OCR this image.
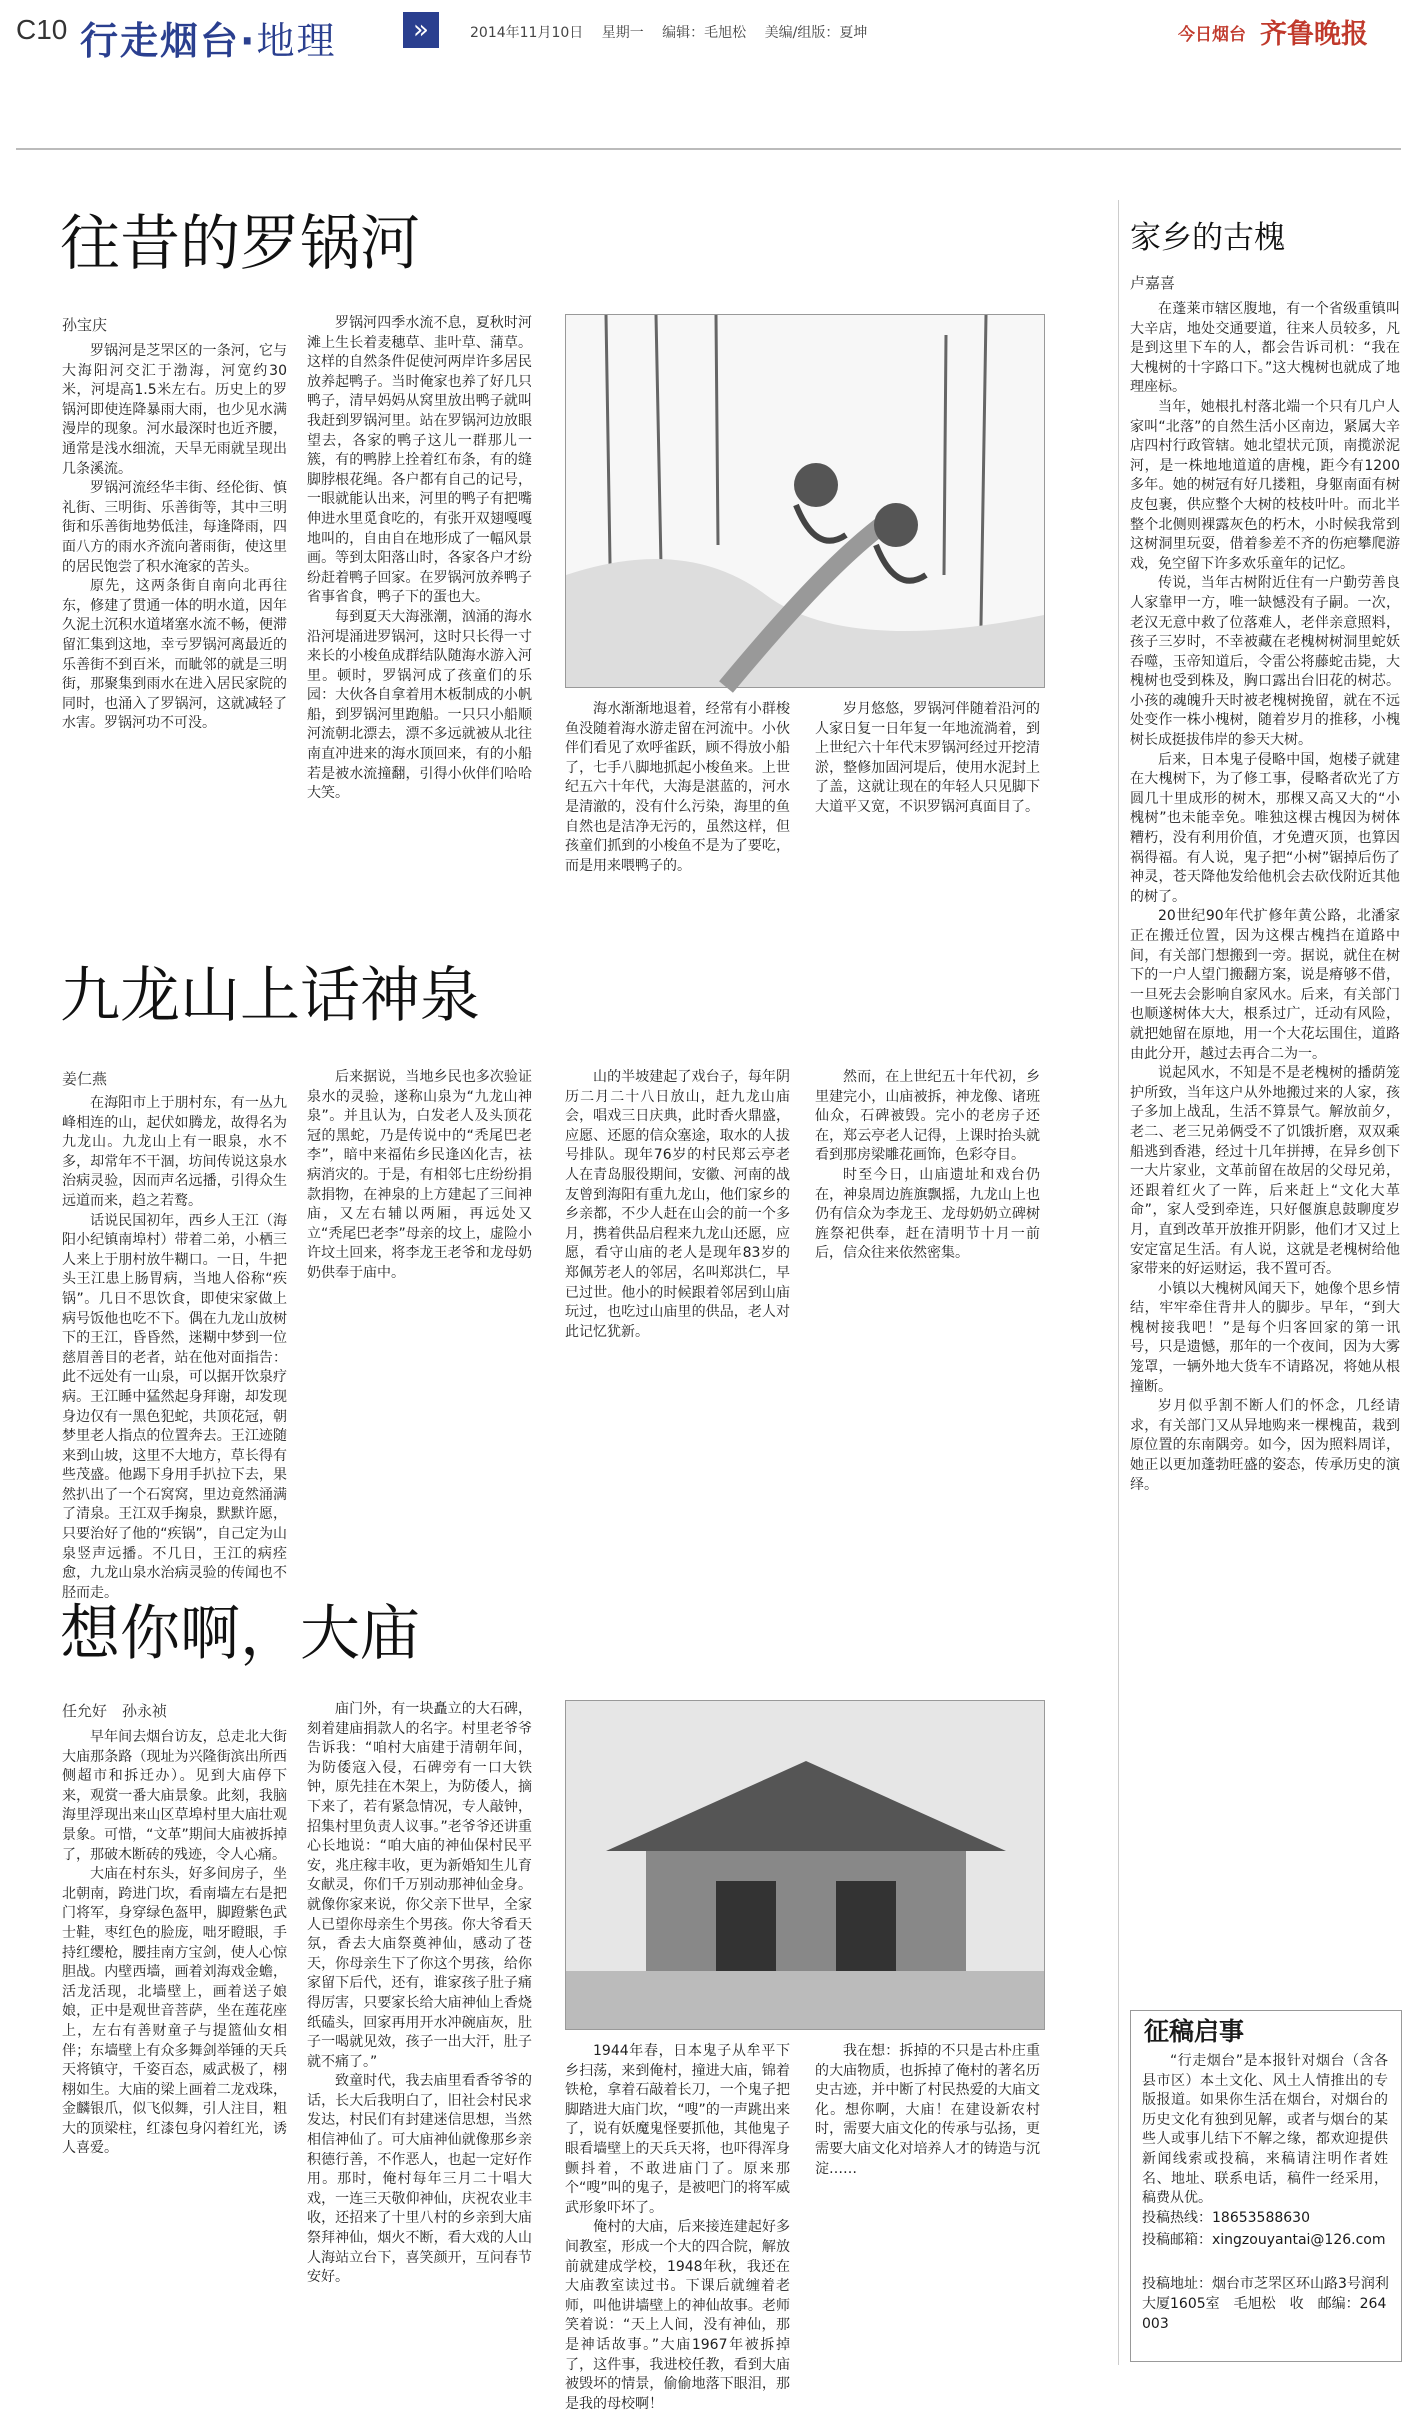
C10 行走烟台·地理	»	2014年11月10日 星期一 编辑：毛旭松 美编/组版：夏坤	今日烟台 齐鲁晚报
往昔的罗锅河
孙宝庆

罗锅河是芝罘区的一条河，它与大海阳河交汇于渤海，河宽约30米，河堤高1.5米左右。历史上的罗锅河即使连降暴雨大雨，也少见水满漫岸的现象。河水最深时也近齐腰，通常是浅水细流，天旱无雨就呈现出几条溪流。

罗锅河流经华丰街、经伦街、慎礼街、三明街、乐善街等，其中三明街和乐善街地势低洼，每逢降雨，四面八方的雨水齐流向著雨街，使这里的居民饱尝了积水淹家的苦头。

原先，这两条街自南向北再往东，修建了贯通一体的明水道，因年久泥土沉积水道堵塞水流不畅，便滞留汇集到这地，幸亏罗锅河离最近的乐善街不到百米，而眦邻的就是三明街，那聚集到雨水在进入居民家院的同时，也涌入了罗锅河，这就减轻了水害。罗锅河功不可没。

罗锅河四季水流不息，夏秋时河滩上生长着麦穗草、韭叶草、蒲草。这样的自然条件促使河两岸许多居民放养起鸭子。当时俺家也养了好几只鸭子，清早妈妈从窝里放出鸭子就叫我赶到罗锅河里。站在罗锅河边放眼望去，各家的鸭子这儿一群那儿一簇，有的鸭脖上拴着红布条，有的缝脚脖根花绳。各户都有自己的记号，一眼就能认出来，河里的鸭子有把嘴伸进水里觅食吃的，有张开双翅嘎嘎地叫的，自由自在地形成了一幅风景画。等到太阳落山时，各家各户才纷纷赶着鸭子回家。在罗锅河放养鸭子省事省食，鸭子下的蛋也大。

每到夏天大海涨潮，汹涌的海水沿河堤涌进罗锅河，这时只长得一寸来长的小梭鱼成群结队随海水游入河里。顿时，罗锅河成了孩童们的乐园：大伙各自拿着用木板制成的小帆船，到罗锅河里跑船。一只只小船顺河流朝北漂去，漂不多远就被从北往南直冲进来的海水顶回来，有的小船若是被水流撞翻，引得小伙伴们哈哈大笑。

海水渐渐地退着，经常有小群梭鱼没随着海水游走留在河流中。小伙伴们看见了欢呼雀跃，顾不得放小船了，七手八脚地抓起小梭鱼来。上世纪五六十年代，大海是湛蓝的，河水是清澈的，没有什么污染，海里的鱼自然也是洁净无污的，虽然这样，但孩童们抓到的小梭鱼不是为了要吃，而是用来喂鸭子的。

岁月悠悠，罗锅河伴随着沿河的人家日复一日年复一年地流淌着，到上世纪六十年代末罗锅河经过开挖清淤，整修加固河堤后，使用水泥封上了盖，这就让现在的年轻人只见脚下大道平又宽，不识罗锅河真面目了。

九龙山上话神泉
姜仁燕

在海阳市上于朋村东，有一丛九峰相连的山，起伏如腾龙，故得名为九龙山。九龙山上有一眼泉，水不多，却常年不干涸，坊间传说这泉水治病灵验，因而声名远播，引得众生远道而来，趋之若鹜。

话说民国初年，西乡人王江（海阳小纪镇南埠村）带着二弟，小栖三人来上于朋村放牛糊口。一日，牛把头王江患上肠胃病，当地人俗称“疾锅”。几日不思饮食，即使宋家做上病号饭他也吃不下。偶在九龙山放树下的王江，昏昏然，迷糊中梦到一位慈眉善目的老者，站在他对面指告：此不远处有一山泉，可以据开饮泉疗病。王江睡中猛然起身拜谢，却发现身边仅有一黑色犯蛇，共顶花冠，朝梦里老人指点的位置奔去。王江迹随来到山坡，这里不大地方，草长得有些茂盛。他踢下身用手扒拉下去，果然扒出了一个石窝窝，里边竟然涌满了清泉。王江双手掬泉，默默许愿，只要治好了他的“疾锅”，自己定为山泉竖声远播。不几日，王江的病痊愈，九龙山泉水治病灵验的传闻也不胫而走。

后来据说，当地乡民也多次验证泉水的灵验，遂称山泉为“九龙山神泉”。并且认为，白发老人及头顶花冠的黑蛇，乃是传说中的“秃尾巴老李”，暗中来福佑乡民逢凶化吉，祛病消灾的。于是，有相邻七庄纷纷捐款捐物，在神泉的上方建起了三间神庙，又左右辅以两厢，再远处又立“秃尾巴老李”母亲的坟上，虚险小许坟土回来，将李龙王老爷和龙母奶奶供奉于庙中。

山的半坡建起了戏台子，每年阴历二月二十八日放山，赶九龙山庙会，唱戏三日庆典，此时香火鼎盛，应愿、还愿的信众塞途，取水的人拔号排队。现年76岁的村民郑云亭老人在青岛服役期间，安徽、河南的战友曾到海阳有重九龙山，他们家乡的乡亲都，不少人赶在山会的前一个多月，携着供品启程来九龙山还愿，应愿，看守山庙的老人是现年83岁的郑佩芳老人的邻居，名叫郑洪仁，早已过世。他小的时候跟着邻居到山庙玩过，也吃过山庙里的供品，老人对此记忆犹新。

然而，在上世纪五十年代初，乡里建完小，山庙被拆，神龙像、诸班仙众，石碑被毁。完小的老房子还在，郑云亭老人记得，上课时抬头就看到那房梁雕花画饰，色彩夺目。

时至今日，山庙遗址和戏台仍在，神泉周边旌旗飘摇，九龙山上也仍有信众为李龙王、龙母奶奶立碑树旌祭祀供奉，赶在清明节十月一前后，信众往来依然密集。

想你啊，大庙
任允好　孙永祯

早年间去烟台访友，总走北大街大庙那条路（现址为兴隆街滨出所西侧超市和拆迁办）。见到大庙停下来，观赏一番大庙景象。此刻，我脑海里浮现出来山区草埠村里大庙壮观景象。可惜，“文革”期间大庙被拆掉了，那破木断砖的残迹，令人心痛。

大庙在村东头，好多间房子，坐北朝南，跨进门坎，看南墙左右是把门将军，身穿绿色盔甲，脚蹬紫色武士鞋，枣红色的脸庞，咄牙瞪眼，手持红缨枪，腰挂南方宝剑，使人心惊胆战。内壁西墙，画着刘海戏金蟾，活龙活现，北墙壁上，画着送子娘娘，正中是观世音菩萨，坐在莲花座上，左右有善财童子与提篮仙女相伴；东墙壁上有众多舞剑举锤的天兵天将镇守，千姿百态，威武极了，栩栩如生。大庙的梁上画着二龙戏珠，金麟银爪，似飞似舞，引人注目，粗大的顶梁柱，红漆包身闪着红光，诱人喜爱。

庙门外，有一块矗立的大石碑，刻着建庙捐款人的名字。村里老爷爷告诉我：“咱村大庙建于清朝年间，为防倭寇入侵，石碑旁有一口大铁钟，原先挂在木架上，为防倭人，摘下来了，若有紧急情况，专人敲钟，招集村里负责人议事。”老爷爷还讲重心长地说：“咱大庙的神仙保村民平安，兆庄稼丰收，更为新婚知生儿育女献灵，你们千万别动那神仙金身。就像你家来说，你父亲下世早，全家人已望你母亲生个男孩。你大爷看天氛，香去大庙祭奠神仙，感动了苍天，你母亲生下了你这个男孩，给你家留下后代，还有，谁家孩子肚子痛得厉害，只要家长给大庙神仙上香烧纸磕头，回家再用开水冲碗庙灰，肚子一喝就见效，孩子一出大汗，肚子就不痛了。”

致童时代，我去庙里看香爷爷的话，长大后我明白了，旧社会村民求发达，村民们有封建迷信思想，当然相信神仙了。可大庙神仙就像那乡亲积德行善，不作恶人，也起一定好作用。那时，俺村每年三月二十唱大戏，一连三天敬仰神仙，庆祝农业丰收，还招来了十里八村的乡亲到大庙祭拜神仙，烟火不断，看大戏的人山人海站立台下，喜笑颜开，互问春节安好。

1944年春，日本鬼子从牟平下乡扫荡，来到俺村，撞进大庙，锦着铁枪，拿着石敲着长刀，一个鬼子把脚踏进大庙门坎，“嗖”的一声跳出来了，说有妖魔鬼怪要抓他，其他鬼子眼看墙壁上的天兵天将，也吓得浑身颤抖着，不敢进庙门了。原来那个“嗖”叫的鬼子，是被吧门的将军威武形象吓坏了。

俺村的大庙，后来接连建起好多间教室，形成一个大的四合院，解放前就建成学校，1948年秋，我还在大庙教室读过书。下课后就缠着老师，叫他讲墙壁上的神仙故事。老师笑着说：“天上人间，没有神仙，那是神话故事。”大庙1967年被拆掉了，这件事，我进校任教，看到大庙被毁坏的情景，偷偷地落下眼泪，那是我的母校啊！

我在想：拆掉的不只是古朴庄重的大庙物质，也拆掉了俺村的著名历史古迹，并中断了村民热爱的大庙文化。想你啊，大庙！在建设新农村时，需要大庙文化的传承与弘扬，更需要大庙文化对培养人才的铸造与沉淀……

家乡的古槐
卢嘉喜

在蓬莱市辖区腹地，有一个省级重镇叫大辛店，地处交通要道，往来人员较多，凡是到这里下车的人，都会告诉司机：“我在大槐树的十字路口下。”这大槐树也就成了地理座标。

当年，她根扎村落北端一个只有几户人家叫“北落”的自然生活小区南边，紧属大辛店四村行政管辖。她北望状元顶，南揽淤泥河，是一株地地道道的唐槐，距今有1200多年。她的树冠有好几搂粗，身躯南面有树皮包裹，供应整个大树的枝枝叶叶。而北半整个北侧则裸露灰色的朽木，小时候我常到这树洞里玩耍，借着参差不齐的伤疤攀爬游戏，免空留下许多欢乐童年的记忆。

传说，当年古树附近住有一户勤劳善良人家靠甲一方，唯一缺憾没有子嗣。一次，老汉无意中救了位落难人，老伴亲意照料，孩子三岁时，不幸被藏在老槐树树洞里蛇妖吞噬，玉帝知道后，令雷公将藤蛇击毙，大槐树也受到株及，胸口露出台旧花的树芯。小孩的魂魄升天时被老槐树挽留，就在不远处变作一株小槐树，随着岁月的推移，小槐树长成挺拔伟岸的参天大树。

后来，日本鬼子侵略中国，炮楼子就建在大槐树下，为了修工事，侵略者砍光了方圆几十里成形的树木，那棵又高又大的“小槐树”也未能幸免。唯独这棵古槐因为树体糟朽，没有利用价值，才免遭灭顶，也算因祸得福。有人说，鬼子把“小树”锯掉后伤了神灵，苍天降他发给他机会去砍伐附近其他的树了。

20世纪90年代扩修年黄公路，北潘家正在搬迁位置，因为这棵古槐挡在道路中间，有关部门想搬到一旁。据说，就住在树下的一户人望门搬翻方案，说是瘠够不借，一旦死去会影响自家风水。后来，有关部门也顺遂树体大大，根系过广，迁动有风险，就把她留在原地，用一个大花坛围住，道路由此分开，越过去再合二为一。

说起风水，不知是不是老槐树的播荫笼护所致，当年这户从外地搬过来的人家，孩子多加上战乱，生活不算景气。解放前夕，老二、老三兄弟俩受不了饥饿折磨，双双乘船逃到香港，经过十几年拼搏，在异乡创下一大片家业，文革前留在故居的父母兄弟，还跟着红火了一阵，后来赶上“文化大革命”，家人受到牵连，只好偃旗息鼓聊度岁月，直到改革开放推开阴影，他们才又过上安定富足生活。有人说，这就是老槐树给他家带来的好运财运，我不置可否。

小镇以大槐树风闻天下，她像个思乡情结，牢牢牵住背井人的脚步。早年，“到大槐树接我吧！”是每个归客回家的第一讯号，只是遗憾，那年的一个夜间，因为大雾笼罩，一辆外地大货车不请路况，将她从根撞断。

岁月似乎割不断人们的怀念，几经请求，有关部门又从异地购来一棵槐苗，栽到原位置的东南隅旁。如今，因为照料周详，她正以更加蓬勃旺盛的姿态，传承历史的演绎。

征稿启事

“行走烟台”是本报针对烟台（含各县市区）本土文化、风土人情推出的专版报道。如果你生活在烟台，对烟台的历史文化有独到见解，或者与烟台的某些人或事儿结下不解之缘，都欢迎提供新闻线索或投稿，来稿请注明作者姓名、地址、联系电话，稿件一经采用，稿费从优。

投稿热线：18653588630
投稿邮箱：xingzouyantai@126.com
投稿地址：烟台市芝罘区环山路3号润利大厦1605室　毛旭松　收　邮编：264003
